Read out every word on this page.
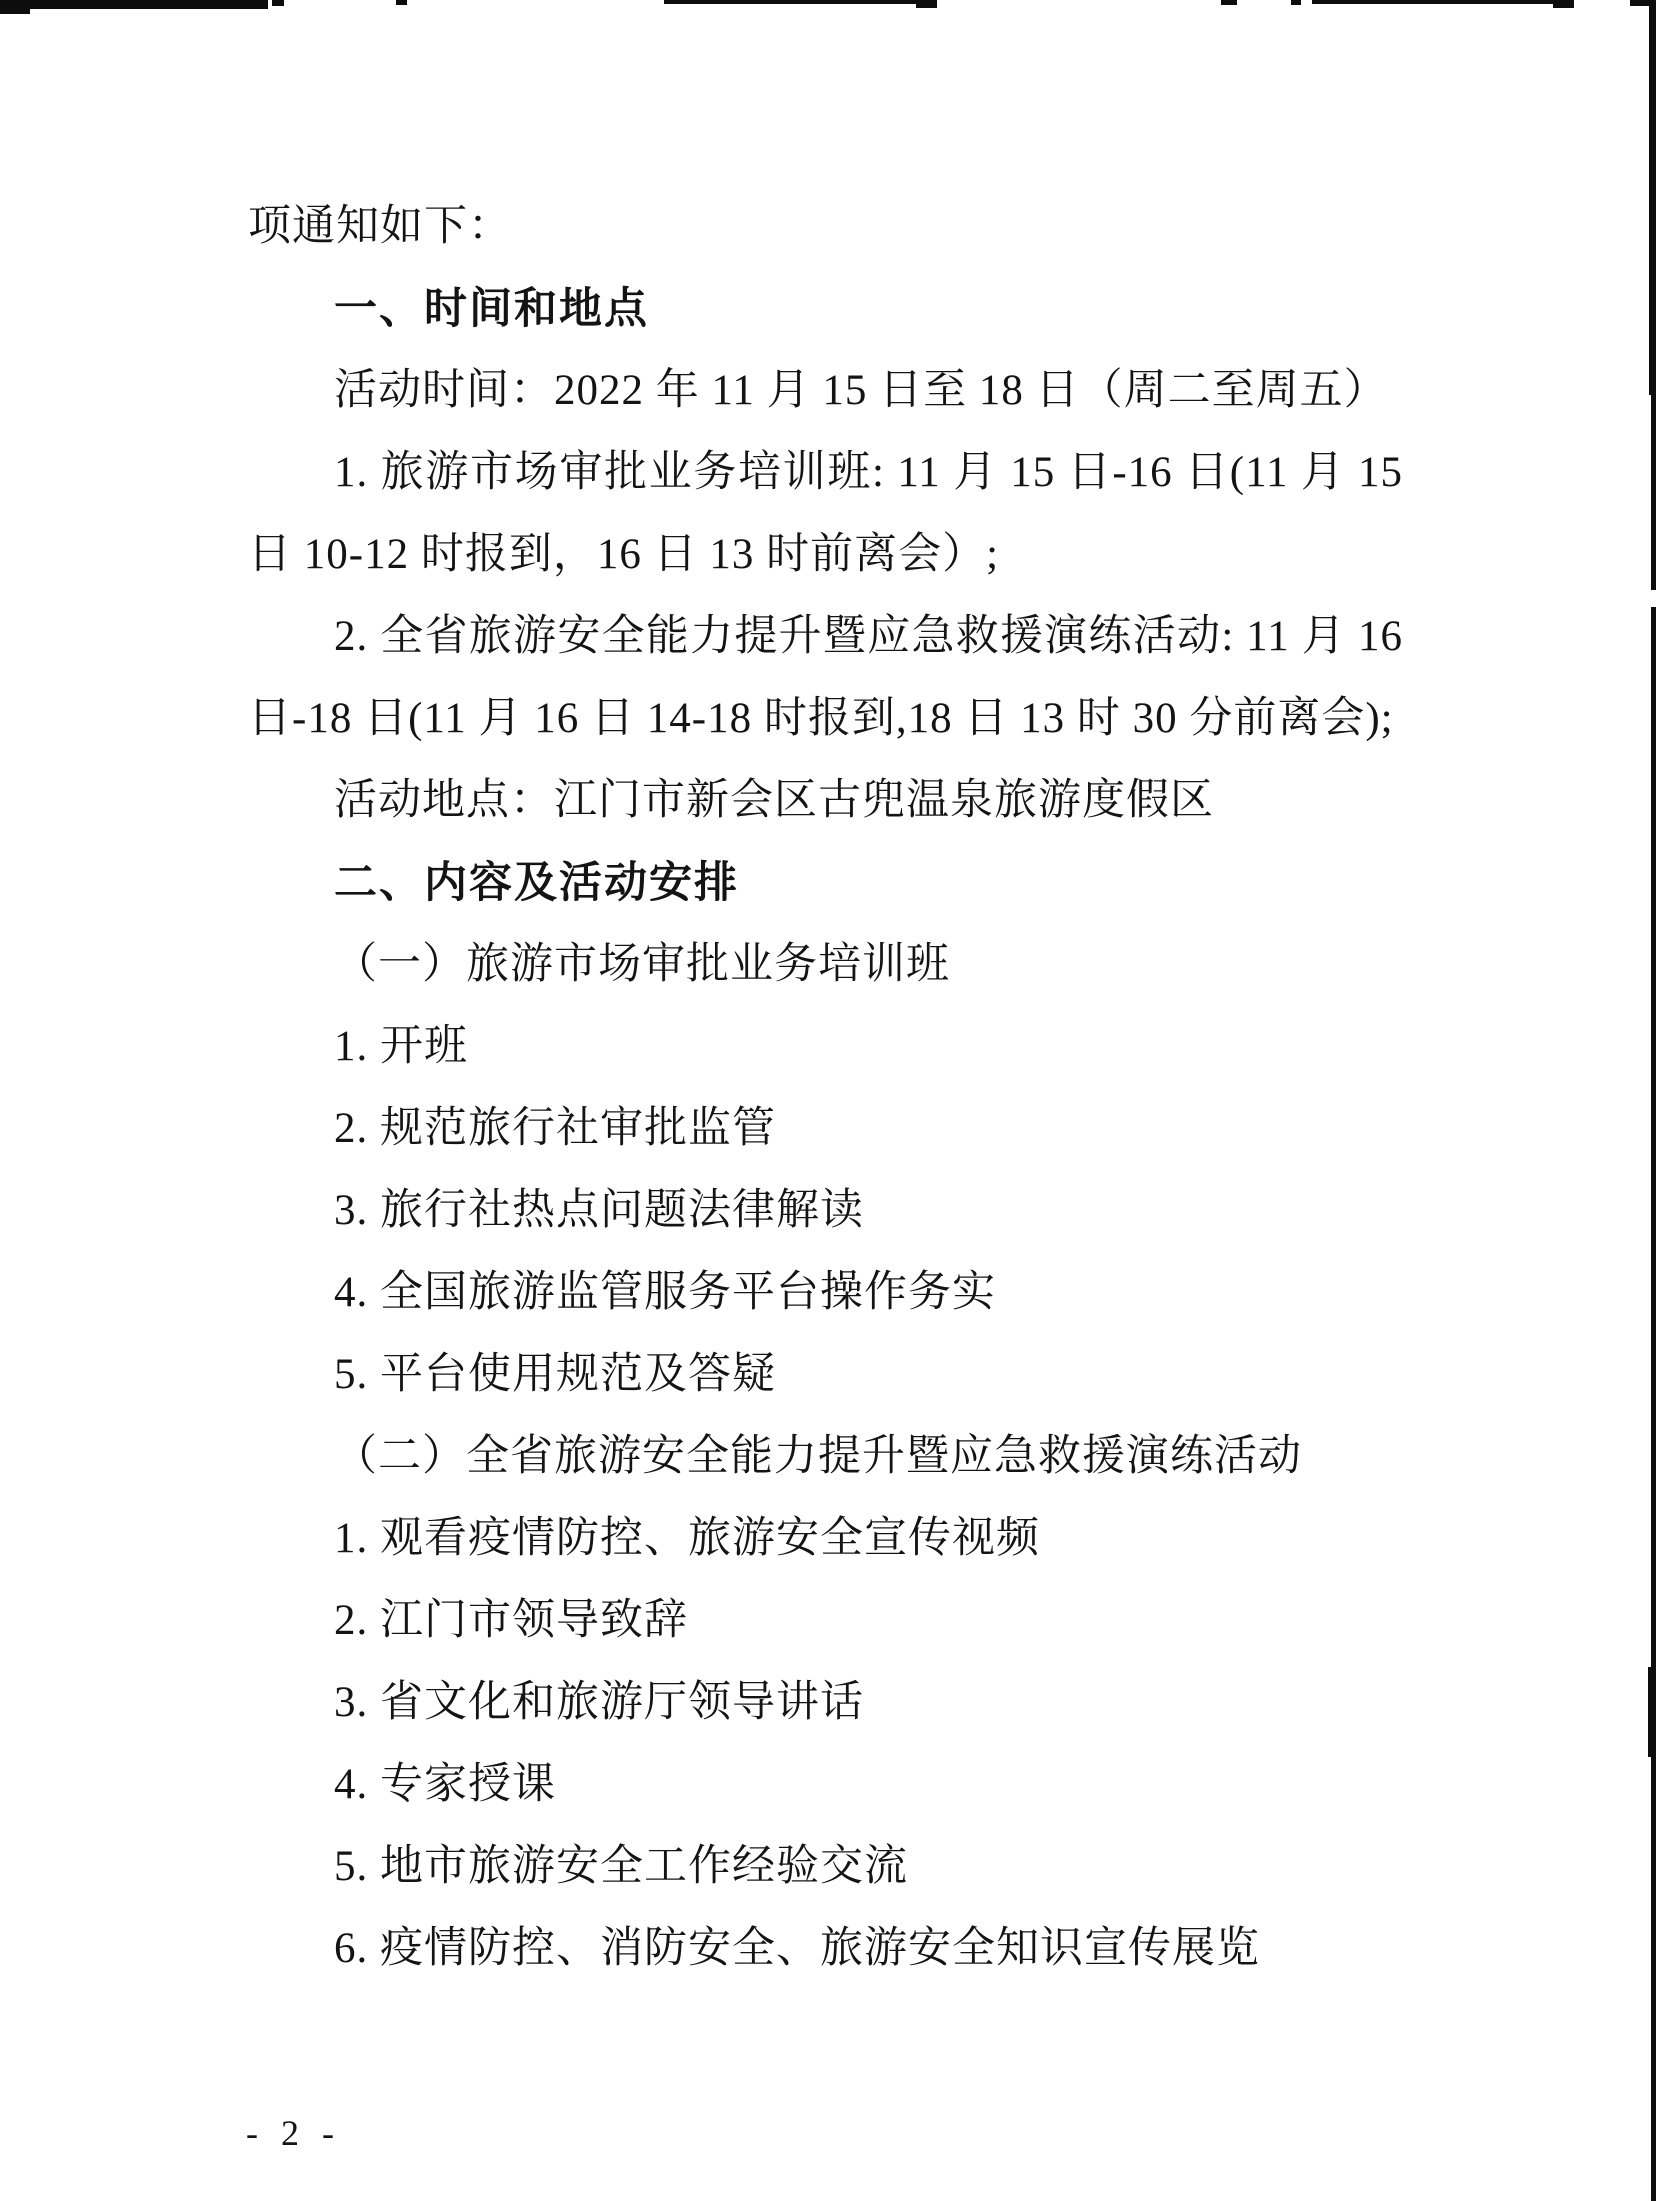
项通知如下：
一、时间和地点
活动时间：2022 年 11 月 15 日至 18 日（周二至周五）
1. 旅游市场审批业务培训班: 11 月 15 日-16 日(11 月 15
日 10-12 时报到，16 日 13 时前离会）;
2. 全省旅游安全能力提升暨应急救援演练活动: 11 月 16
日-18 日(11 月 16 日 14-18 时报到,18 日 13 时 30 分前离会);
活动地点：江门市新会区古兜温泉旅游度假区
二、内容及活动安排
（一）旅游市场审批业务培训班
1. 开班
2. 规范旅行社审批监管
3. 旅行社热点问题法律解读
4. 全国旅游监管服务平台操作务实
5. 平台使用规范及答疑
（二）全省旅游安全能力提升暨应急救援演练活动
1. 观看疫情防控、旅游安全宣传视频
2. 江门市领导致辞
3. 省文化和旅游厅领导讲话
4. 专家授课
5. 地市旅游安全工作经验交流
6. 疫情防控、消防安全、旅游安全知识宣传展览
- 2 -
